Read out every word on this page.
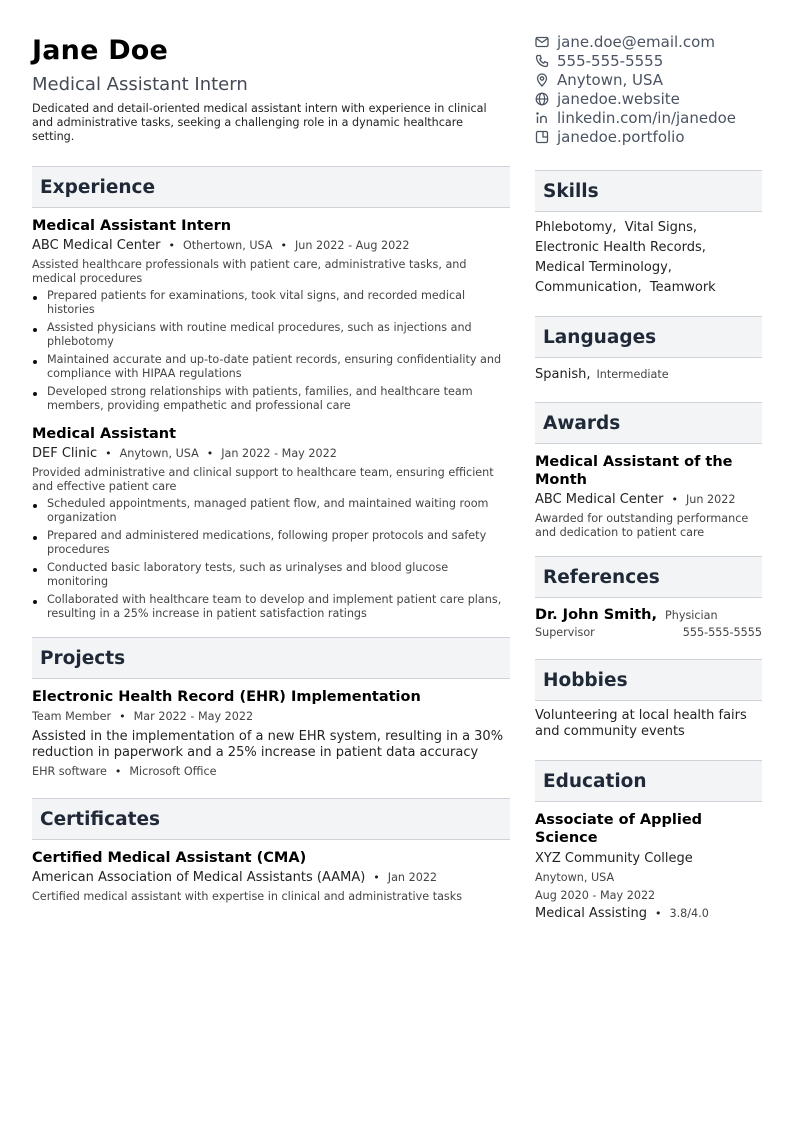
Jane Doe
Medical Assistant Intern
Dedicated and detail-oriented medical assistant intern with experience in clinical and administrative tasks, seeking a challenging role in a dynamic healthcare setting.
Experience
Medical Assistant Intern
ABC Medical Center • Othertown, USA • Jun 2022 - Aug 2022
Assisted healthcare professionals with patient care, administrative tasks, and medical procedures
Prepared patients for examinations, took vital signs, and recorded medical histories
Assisted physicians with routine medical procedures, such as injections and phlebotomy
Maintained accurate and up-to-date patient records, ensuring confidentiality and compliance with HIPAA regulations
Developed strong relationships with patients, families, and healthcare team members, providing empathetic and professional care
Medical Assistant
DEF Clinic • Anytown, USA • Jan 2022 - May 2022
Provided administrative and clinical support to healthcare team, ensuring efficient and effective patient care
Scheduled appointments, managed patient flow, and maintained waiting room organization
Prepared and administered medications, following proper protocols and safety procedures
Conducted basic laboratory tests, such as urinalyses and blood glucose monitoring
Collaborated with healthcare team to develop and implement patient care plans, resulting in a 25% increase in patient satisfaction ratings
Projects
Electronic Health Record (EHR) Implementation
Team Member • Mar 2022 - May 2022
Assisted in the implementation of a new EHR system, resulting in a 30% reduction in paperwork and a 25% increase in patient data accuracy
EHR software • Microsoft Office
Certificates
Certified Medical Assistant (CMA)
American Association of Medical Assistants (AAMA) • Jan 2022
Certified medical assistant with expertise in clinical and administrative tasks
jane.doe@email.com
555-555-5555
Anytown, USA
janedoe.website
linkedin.com/in/janedoe
janedoe.portfolio
Skills
Phlebotomy,  Vital Signs,
Electronic Health Records,
Medical Terminology,
Communication,  Teamwork
Languages
Spanish, Intermediate
Awards
Medical Assistant of the Month
ABC Medical Center • Jun 2022
Awarded for outstanding performance and dedication to patient care
References
Dr. John Smith, Physician
Supervisor	555-555-5555
Hobbies
Volunteering at local health fairs and community events
Education
Associate of Applied Science
XYZ Community College
Anytown, USA
Aug 2020 - May 2022
Medical Assisting • 3.8/4.0
